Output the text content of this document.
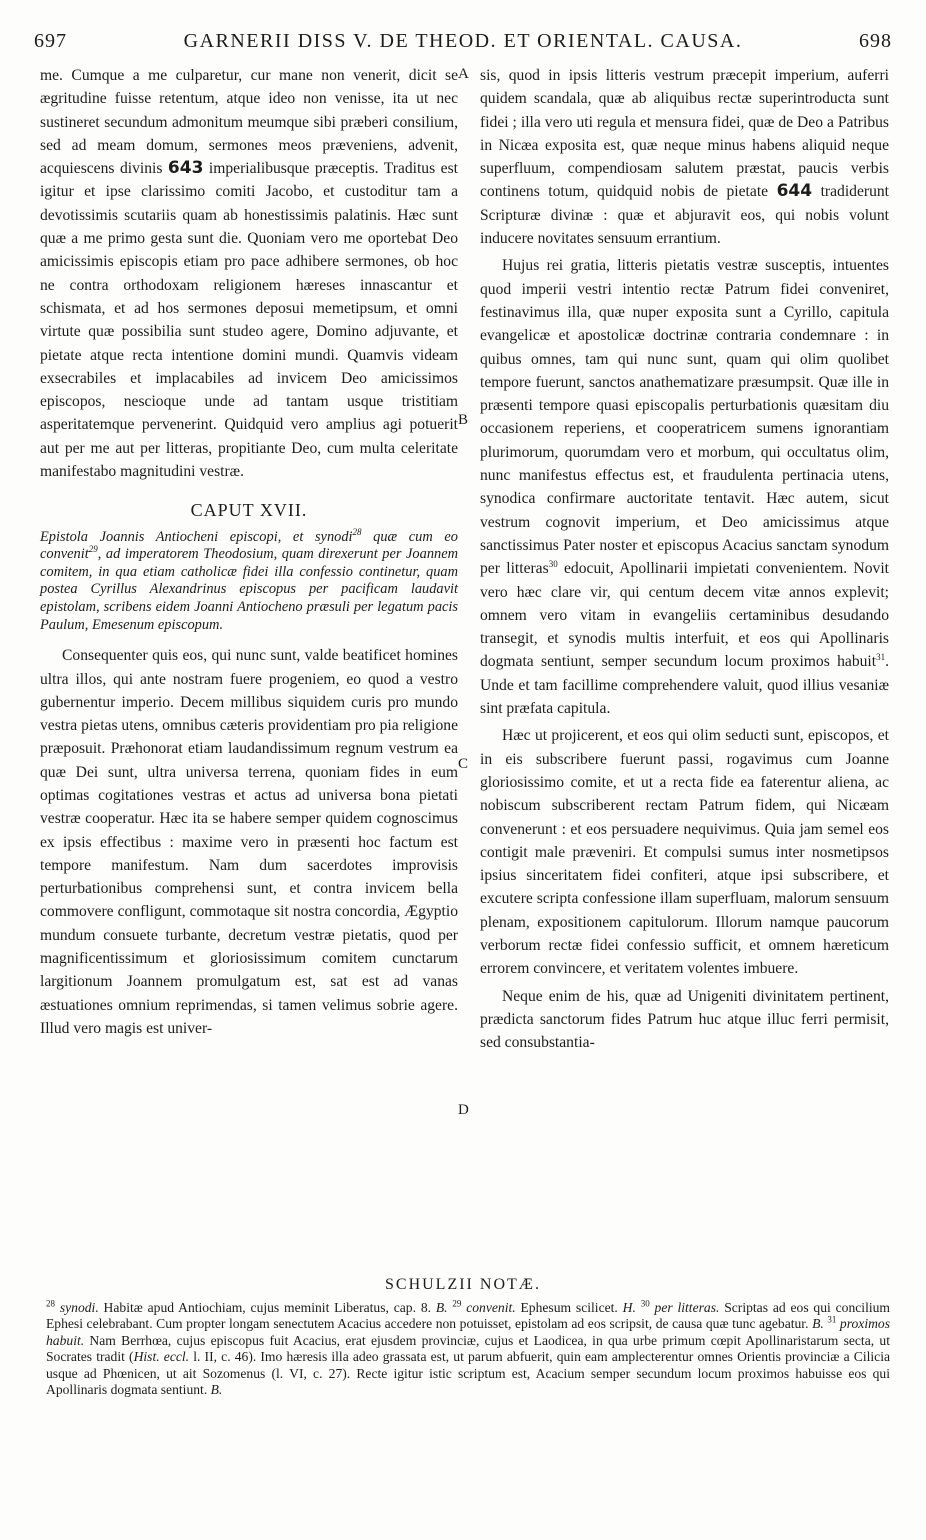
697	GARNERII DISS V. DE THEOD. ET ORIENTAL. CAUSA.	698

me. Cumque a me culparetur, cur mane non venerit, dicit se ægritudine fuisse retentum, atque ideo non venisse, ita ut nec sustineret secundum admonitum meumque sibi præberi consilium, sed ad meam domum, sermones meos præveniens, advenit, acquiescens divinis 643 imperialibusque præceptis. Traditus est igitur et ipse clarissimo comiti Jacobo, et custoditur tam a devotissimis scutariis quam ab honestissimis palatinis. Hæc sunt quæ a me primo gesta sunt die. Quoniam vero me oportebat Deo amicissimis episcopis etiam pro pace adhibere sermones, ob hoc ne contra orthodoxam religionem hæreses innascantur et schismata, et ad hos sermones deposui memetipsum, et omni virtute quæ possibilia sunt studeo agere, Domino adjuvante, et pietate atque recta intentione domini mundi. Quamvis videam exsecrabiles et implacabiles ad invicem Deo amicissimos episcopos, nescioque unde ad tantam usque tristitiam asperitatemque pervenerint. Quidquid vero amplius agi potuerit aut per me aut per litteras, propitiante Deo, cum multa celeritate manifestabo magnitudini vestræ.

CAPUT XVII.
Epistola Joannis Antiocheni episcopi, et synodi$^{28}$ quæ cum eo convenit$^{29}$, ad imperatorem Theodosium, quam direxerunt per Joannem comitem, in qua etiam catholicæ fidei illa confessio continetur, quam postea Cyrillus Alexandrinus episcopus per pacificam laudavit epistolam, scribens eidem Joanni Antiocheno præsuli per legatum pacis Paulum, Emesenum episcopum.

Consequenter quis eos, qui nunc sunt, valde beatificet homines ultra illos, qui ante nostram fuere progeniem, eo quod a vestro gubernentur imperio. Decem millibus siquidem curis pro mundo vestra pietas utens, omnibus cæteris providentiam pro pia religione præposuit. Præhonorat etiam laudandissimum regnum vestrum ea quæ Dei sunt, ultra universa terrena, quoniam fides in eum optimas cogitationes vestras et actus ad universa bona pietati vestræ cooperatur. Hæc ita se habere semper quidem cognoscimus ex ipsis effectibus : maxime vero in præsenti hoc factum est tempore manifestum. Nam dum sacerdotes improvisis perturbationibus comprehensi sunt, et contra invicem bella commovere confligunt, commotaque sit nostra concordia, Ægyptio mundum consuete turbante, decretum vestræ pietatis, quod per magnificentissimum et gloriosissimum comitem cunctarum largitionum Joannem promulgatum est, sat est ad vanas æstuationes omnium reprimendas, si tamen velimus sobrie agere. Illud vero magis est univer-

sis, quod in ipsis litteris vestrum præcepit imperium, auferri quidem scandala, quæ ab aliquibus rectæ superintroducta sunt fidei ; illa vero uti regula et mensura fidei, quæ de Deo a Patribus in Nicæa exposita est, quæ neque minus habens aliquid neque superfluum, compendiosam salutem præstat, paucis verbis continens totum, quidquid nobis de pietate 644 tradiderunt Scripturæ divinæ : quæ et abjuravit eos, qui nobis volunt inducere novitates sensuum errantium.

Hujus rei gratia, litteris pietatis vestræ susceptis, intuentes quod imperii vestri intentio rectæ Patrum fidei conveniret, festinavimus illa, quæ nuper exposita sunt a Cyrillo, capitula evangelicæ et apostolicæ doctrinæ contraria condemnare : in quibus omnes, tam qui nunc sunt, quam qui olim quolibet tempore fuerunt, sanctos anathematizare præsumpsit. Quæ ille in præsenti tempore quasi episcopalis perturbationis quæsitam diu occasionem reperiens, et cooperatricem sumens ignorantiam plurimorum, quorumdam vero et morbum, qui occultatus olim, nunc manifestus effectus est, et fraudulenta pertinacia utens, synodica confirmare auctoritate tentavit. Hæc autem, sicut vestrum cognovit imperium, et Deo amicissimus atque sanctissimus Pater noster et episcopus Acacius sanctam synodum per litteras$^{30}$ edocuit, Apollinarii impietati convenientem. Novit vero hæc clare vir, qui centum decem vitæ annos explevit; omnem vero vitam in evangeliis certaminibus desudando transegit, et synodis multis interfuit, et eos qui Apollinaris dogmata sentiunt, semper secundum locum proximos habuit$^{31}$. Unde et tam facillime comprehendere valuit, quod illius vesaniæ sint præfata capitula.

Hæc ut projicerent, et eos qui olim seducti sunt, episcopos, et in eis subscribere fuerunt passi, rogavimus cum Joanne gloriosissimo comite, et ut a recta fide ea faterentur aliena, ac nobiscum subscriberent rectam Patrum fidem, qui Nicæam convenerunt : et eos persuadere nequivimus. Quia jam semel eos contigit male præveniri. Et compulsi sumus inter nosmetipsos ipsius sinceritatem fidei confiteri, atque ipsi subscribere, et excutere scripta confessione illam superfluam, malorum sensuum plenam, expositionem capitulorum. Illorum namque paucorum verborum rectæ fidei confessio sufficit, et omnem hæreticum errorem convincere, et veritatem volentes imbuere.

Neque enim de his, quæ ad Unigeniti divinitatem pertinent, prædicta sanctorum fides Patrum huc atque illuc ferri permisit, sed consubstantia-

A
B
C
D
SCHULZII NOTÆ.
$^{28}$ synodi. Habitæ apud Antiochiam, cujus meminit Liberatus, cap. 8. B. $^{29}$ convenit. Ephesum scilicet. H. $^{30}$ per litteras. Scriptas ad eos qui concilium Ephesi celebrabant. Cum propter longam senectutem Acacius accedere non potuisset, epistolam ad eos scripsit, de causa quæ tunc agebatur. B. $^{31}$ proximos habuit. Nam Berrhœa, cujus episcopus fuit Acacius, erat ejusdem provinciæ, cujus et Laodicea, in qua urbe primum cœpit Apollinaristarum secta, ut Socrates tradit (Hist. eccl. l. II, c. 46). Imo hæresis illa adeo grassata est, ut parum abfuerit, quin eam amplecterentur omnes Orientis provinciæ a Cilicia usque ad Phœnicen, ut ait Sozomenus (l. VI, c. 27). Recte igitur istic scriptum est, Acacium semper secundum locum proximos habuisse eos qui Apollinaris dogmata sentiunt. B.
